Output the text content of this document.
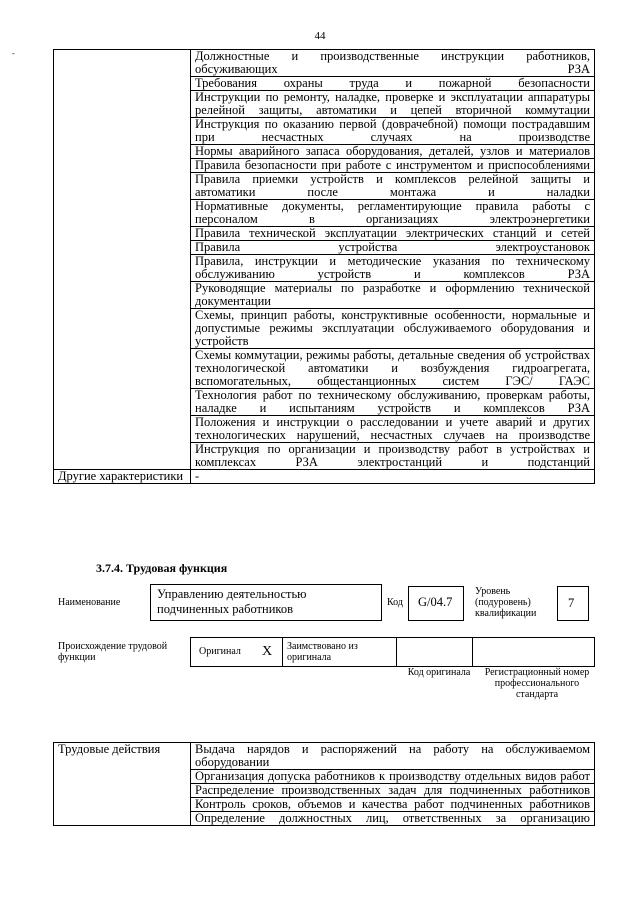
44
-
		Должностные и производственные инструкции работников, обсуживающих РЗА
	Требования охраны труда и пожарной безопасности
	Инструкции по ремонту, наладке, проверке и эксплуатации аппаратуры релейной защиты, автоматики и цепей вторичной коммутации
	Инструкция по оказанию первой (доврачебной) помощи пострадавшим при несчастных случаях на производстве
	Нормы аварийного запаса оборудования, деталей, узлов и материалов
	Правила безопасности при работе с инструментом и приспособлениями
	Правила приемки устройств и комплексов релейной защиты и автоматики после монтажа и наладки
	Нормативные документы, регламентирующие правила работы с персоналом в организациях электроэнергетики
	Правила технической эксплуатации электрических станций и сетей
	Правила устройства электроустановок
	Правила, инструкции и методические указания по техническому обслуживанию устройств и комплексов РЗА
	Руководящие материалы по разработке и оформлению технической документации
	Схемы, принцип работы, конструктивные особенности, нормальные и допустимые режимы эксплуатации обслуживаемого оборудования и устройств
	Схемы коммутации, режимы работы, детальные сведения об устройствах технологической автоматики и возбуждения гидроагрегата, вспомогательных, общестанционных систем ГЭС/ ГАЭС
	Технология работ по техническому обслуживанию, проверкам работы, наладке и испытаниям устройств и комплексов РЗА
	Положения и инструкции о расследовании и учете аварий и других технологических нарушений, несчастных случаев на производстве
	Инструкция по организации и производству работ в устройствах и комплексах РЗА электростанций и подстанций
Другие характеристики	-
3.7.4. Трудовая функция
Наименование
Управлению деятельностью подчиненных работников	Код	G/04.7
Уровень (подуровень) квалификации
7
Происхождение трудовой функции
Оригинал X Заимствовано из оригинала
Код оригинала	Регистрационный номер профессионального стандарта
Трудовые действия	Выдача нарядов и распоряжений на работу на обслуживаемом оборудовании
Организация допуска работников к производству отдельных видов работ
Распределение производственных задач для подчиненных работников
Контроль сроков, объемов и качества работ подчиненных работников
Определение должностных лиц, ответственных за организацию
